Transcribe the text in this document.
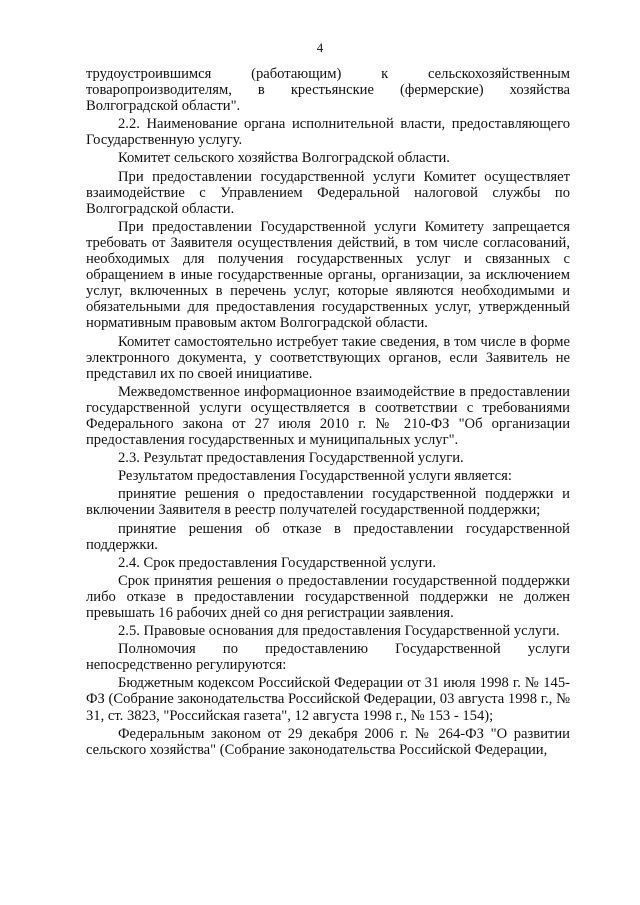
4

трудоустроившимся (работающим) к сельскохозяйственным товаропроизводителям, в крестьянские (фермерские) хозяйства Волгоградской области".

2.2. Наименование органа исполнительной власти, предоставляющего Государственную услугу.

Комитет сельского хозяйства Волгоградской области.

При предоставлении государственной услуги Комитет осуществляет взаимодействие с Управлением Федеральной налоговой службы по Волгоградской области.

При предоставлении Государственной услуги Комитету запрещается требовать от Заявителя осуществления действий, в том числе согласований, необходимых для получения государственных услуг и связанных с обращением в иные государственные органы, организации, за исключением услуг, включенных в перечень услуг, которые являются необходимыми и обязательными для предоставления государственных услуг, утвержденный нормативным правовым актом Волгоградской области.

Комитет самостоятельно истребует такие сведения, в том числе в форме электронного документа, у соответствующих органов, если Заявитель не представил их по своей инициативе.

Межведомственное информационное взаимодействие в предоставлении государственной услуги осуществляется в соответствии с требованиями Федерального закона от 27 июля 2010 г. № 210-ФЗ "Об организации предоставления государственных и муниципальных услуг".

2.3. Результат предоставления Государственной услуги.

Результатом предоставления Государственной услуги является:

принятие решения о предоставлении государственной поддержки и включении Заявителя в реестр получателей государственной поддержки;

принятие решения об отказе в предоставлении государственной поддержки.

2.4. Срок предоставления Государственной услуги.

Срок принятия решения о предоставлении государственной поддержки либо отказе в предоставлении государственной поддержки не должен превышать 16 рабочих дней со дня регистрации заявления.

2.5. Правовые основания для предоставления Государственной услуги.

Полномочия по предоставлению Государственной услуги непосредственно регулируются:

Бюджетным кодексом Российской Федерации от 31 июля 1998 г. № 145-ФЗ (Собрание законодательства Российской Федерации, 03 августа 1998 г., № 31, ст. 3823, "Российская газета", 12 августа 1998 г., № 153 - 154);

Федеральным законом от 29 декабря 2006 г. № 264-ФЗ "О развитии сельского хозяйства" (Собрание законодательства Российской Федерации,
